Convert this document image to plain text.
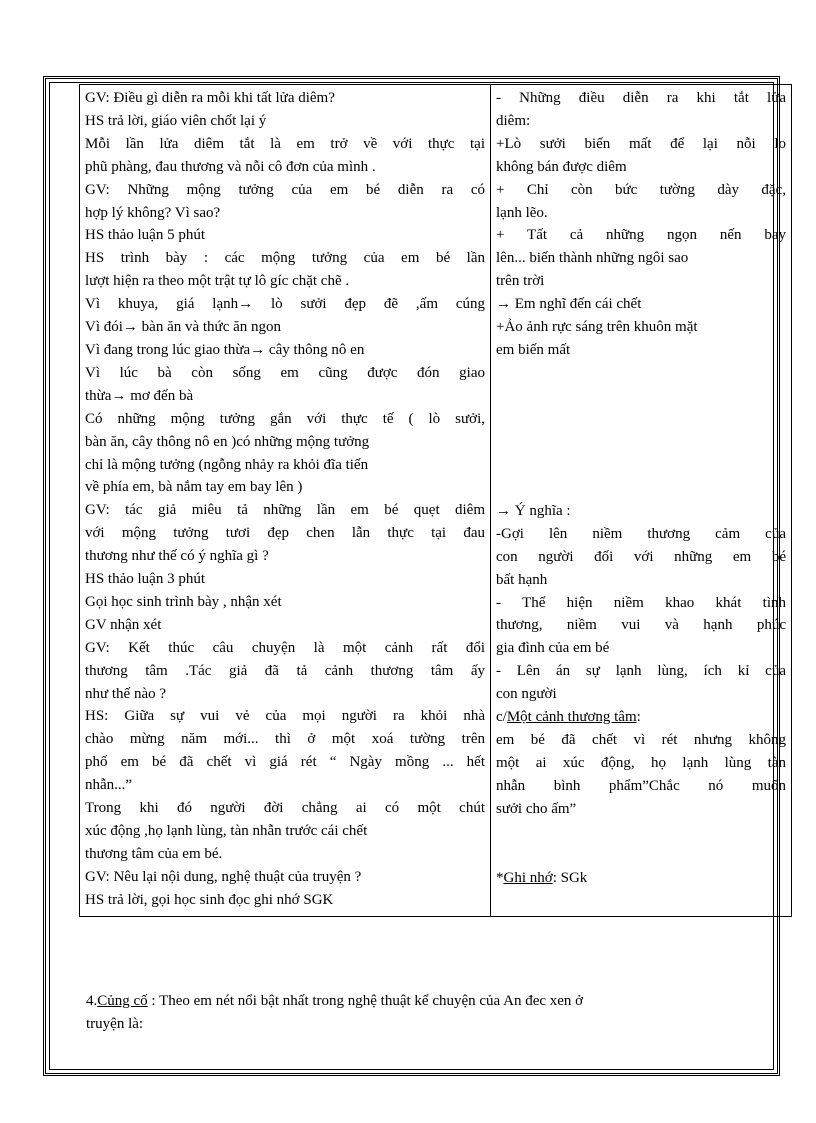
GV: Điều gì diễn ra mỗi khi tất lửa diêm?
HS trả lời, giáo viên chốt lại ý
Mỗi lần lửa diêm tắt là em trở về với thực tại
phũ phàng, đau thương và nỗi cô đơn của mình .
GV: Những mộng tưởng của em bé diễn ra có
hợp lý không? Vì sao?
HS thảo luận 5 phút
HS trình bày : các mộng tưởng của em bé lần
lượt hiện ra theo một trật tự lô gíc chặt chẽ .
Vì khuya, giá lạnh→ lò sưởi đẹp đẽ ,ấm cúng
Vì đói→ bàn ăn và thức ăn ngon
Vì đang trong lúc giao thừa→ cây thông nô en
Vì lúc bà còn sống em cũng được đón giao
thừa→ mơ đến bà
Có những mộng tưởng gắn với thực tế ( lò sưởi,
bàn ăn, cây thông nô en )có những mộng tưởng
chỉ là mộng tưởng (ngỗng nhảy ra khỏi đĩa tiến
về phía em, bà nắm tay em bay lên )
GV: tác giả miêu tả những lần em bé quẹt diêm
với mộng tưởng tươi đẹp chen lẫn thực tại đau
thương như thế có ý nghĩa gì ?
HS thảo luận 3 phút
Gọi học sinh trình bày , nhận xét
GV nhận xét
GV: Kết thúc câu chuyện là một cảnh rất đổi
thương tâm .Tác giả đã tả cảnh thương tâm ấy
như thế nào ?
HS: Giữa sự vui vẻ của mọi người ra khỏi nhà
chào mừng năm mới... thì ở một xoá tường trên
phố em bé đã chết vì giá rét “ Ngày mồng ... hết
nhẫn...”
Trong khi đó người đời chẳng ai có một chút
xúc động ,họ lạnh lùng, tàn nhẫn trước cái chết
thương tâm của em bé.
GV: Nêu lại nội dung, nghệ thuật của truyện ?
HS trả lời, gọi học sinh đọc ghi nhớ SGK

- Những điều diễn ra khi tắt lửa
diêm:
+Lò sưởi biến mất để lại nỗi lo
không bán được diêm
+ Chỉ còn bức tường dày đặc,
lạnh lẽo.
+ Tất cả những ngọn nến bay
lên... biến thành những ngôi sao
trên trời
→ Em nghĩ đến cái chết
+Ảo ảnh rực sáng trên khuôn mặt
em biến mất
→ Ý nghĩa :
-Gợi lên niềm thương cảm của
con người đối với những em bé
bất hạnh
- Thể hiện niềm khao khát tình
thương, niềm vui và hạnh phúc
gia đình của em bé
- Lên án sự lạnh lùng, ích kỉ của
con người
c/Một cảnh thương tâm:
em bé đã chết vì rét nhưng không
một ai xúc động, họ lạnh lùng tàn
nhẫn bình phẩm”Chắc nó muốn
sưởi cho ấm”
*Ghi nhớ: SGk
4.Củng cố : Theo em nét nổi bật nhất trong nghệ thuật kể chuyện của An đec xen ở
truyện là:
